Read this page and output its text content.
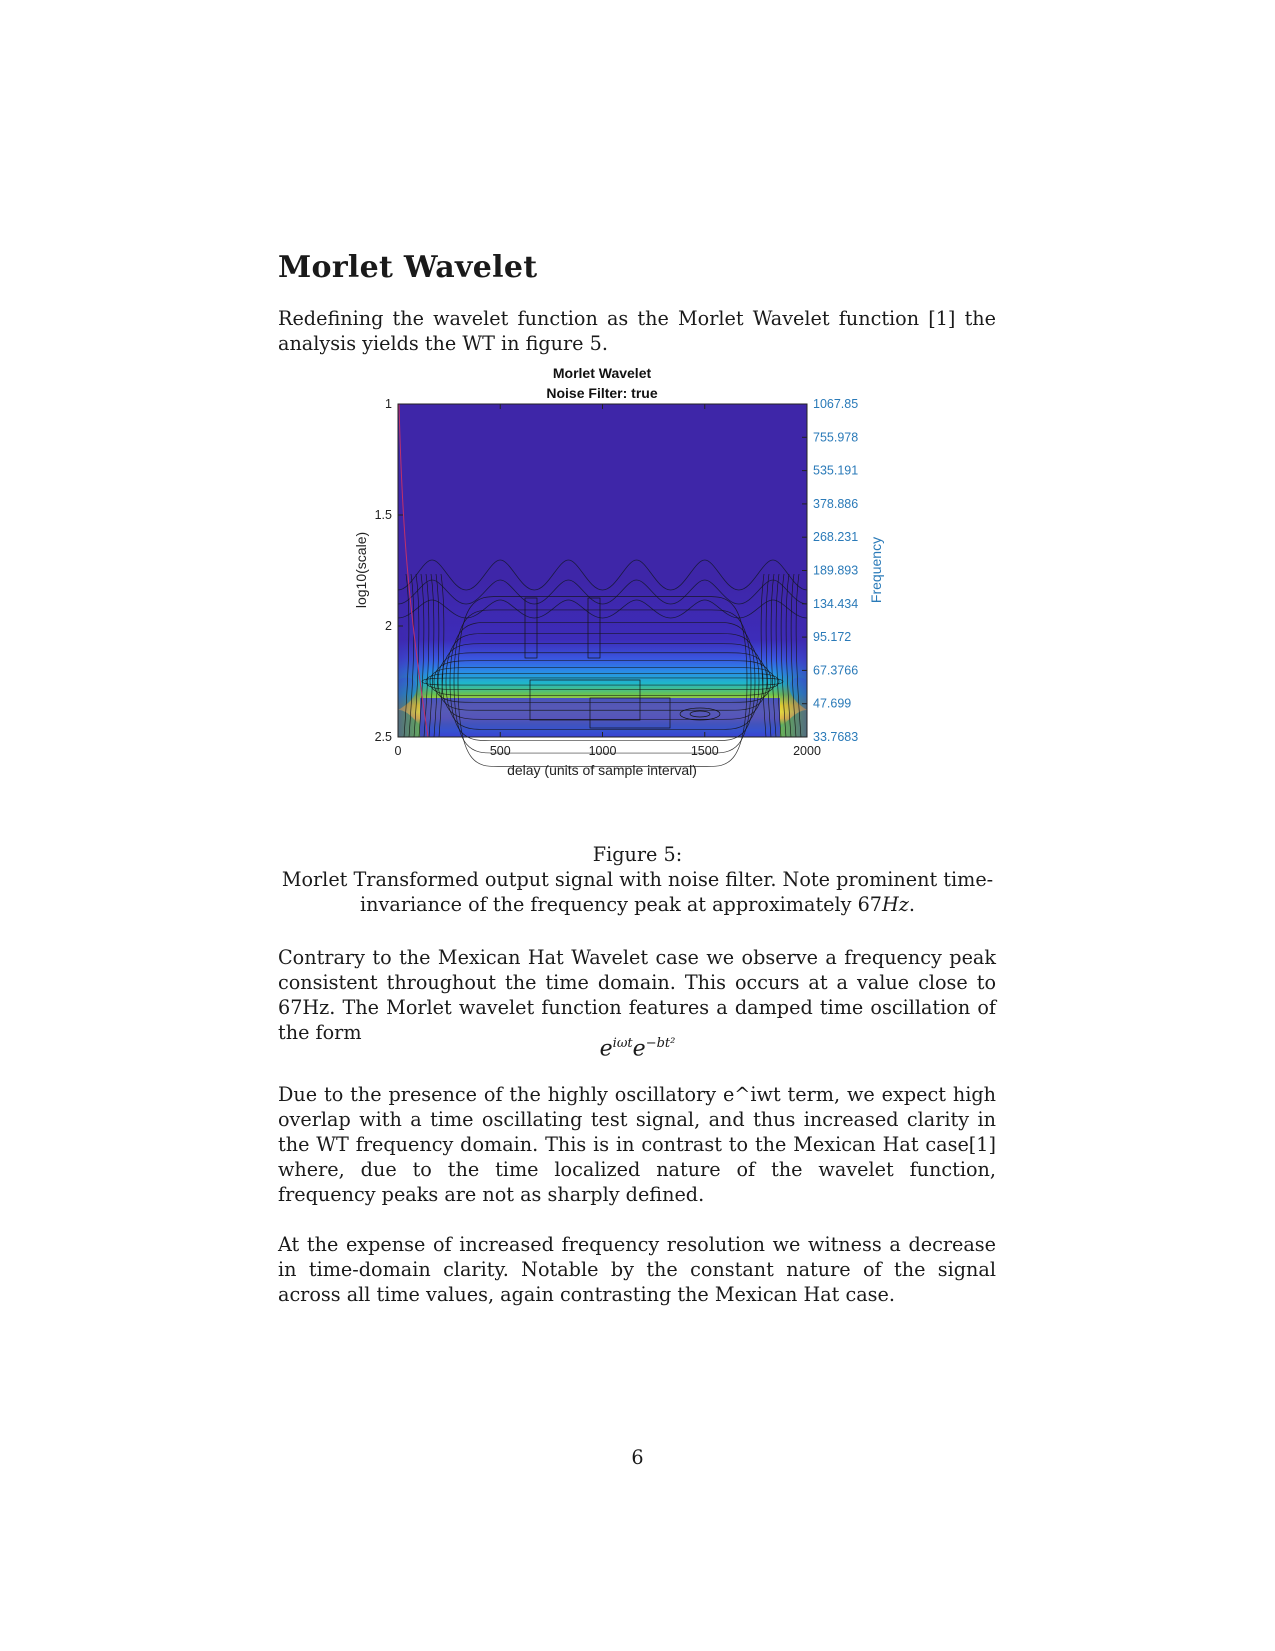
Morlet Wavelet

Redefining the wavelet function as the Morlet Wavelet function [1] the analysis yields the WT in figure 5.

Morlet Wavelet
Noise Filter: true
1
1.5
2
2.5
1067.85
755.978
535.191
378.886
268.231
189.893
134.434
95.172
67.3766
47.699
33.7683
0	500	1000	1500	2000
delay (units of sample interval)
log10(scale)	Frequency
Figure 5:
Morlet Transformed output signal with noise filter. Note prominent time-invariance of the frequency peak at approximately 67Hz.

Contrary to the Mexican Hat Wavelet case we observe a frequency peak consistent throughout the time domain. This occurs at a value close to 67Hz. The Morlet wavelet function features a damped time oscillation of the form

$e^{i\omega t}e^{-bt^2}$

Due to the presence of the highly oscillatory e^iwt term, we expect high overlap with a time oscillating test signal, and thus increased clarity in the WT frequency domain. This is in contrast to the Mexican Hat case[1] where, due to the time localized nature of the wavelet function, frequency peaks are not as sharply defined.

At the expense of increased frequency resolution we witness a decrease in time-domain clarity. Notable by the constant nature of the signal across all time values, again contrasting the Mexican Hat case.

6
